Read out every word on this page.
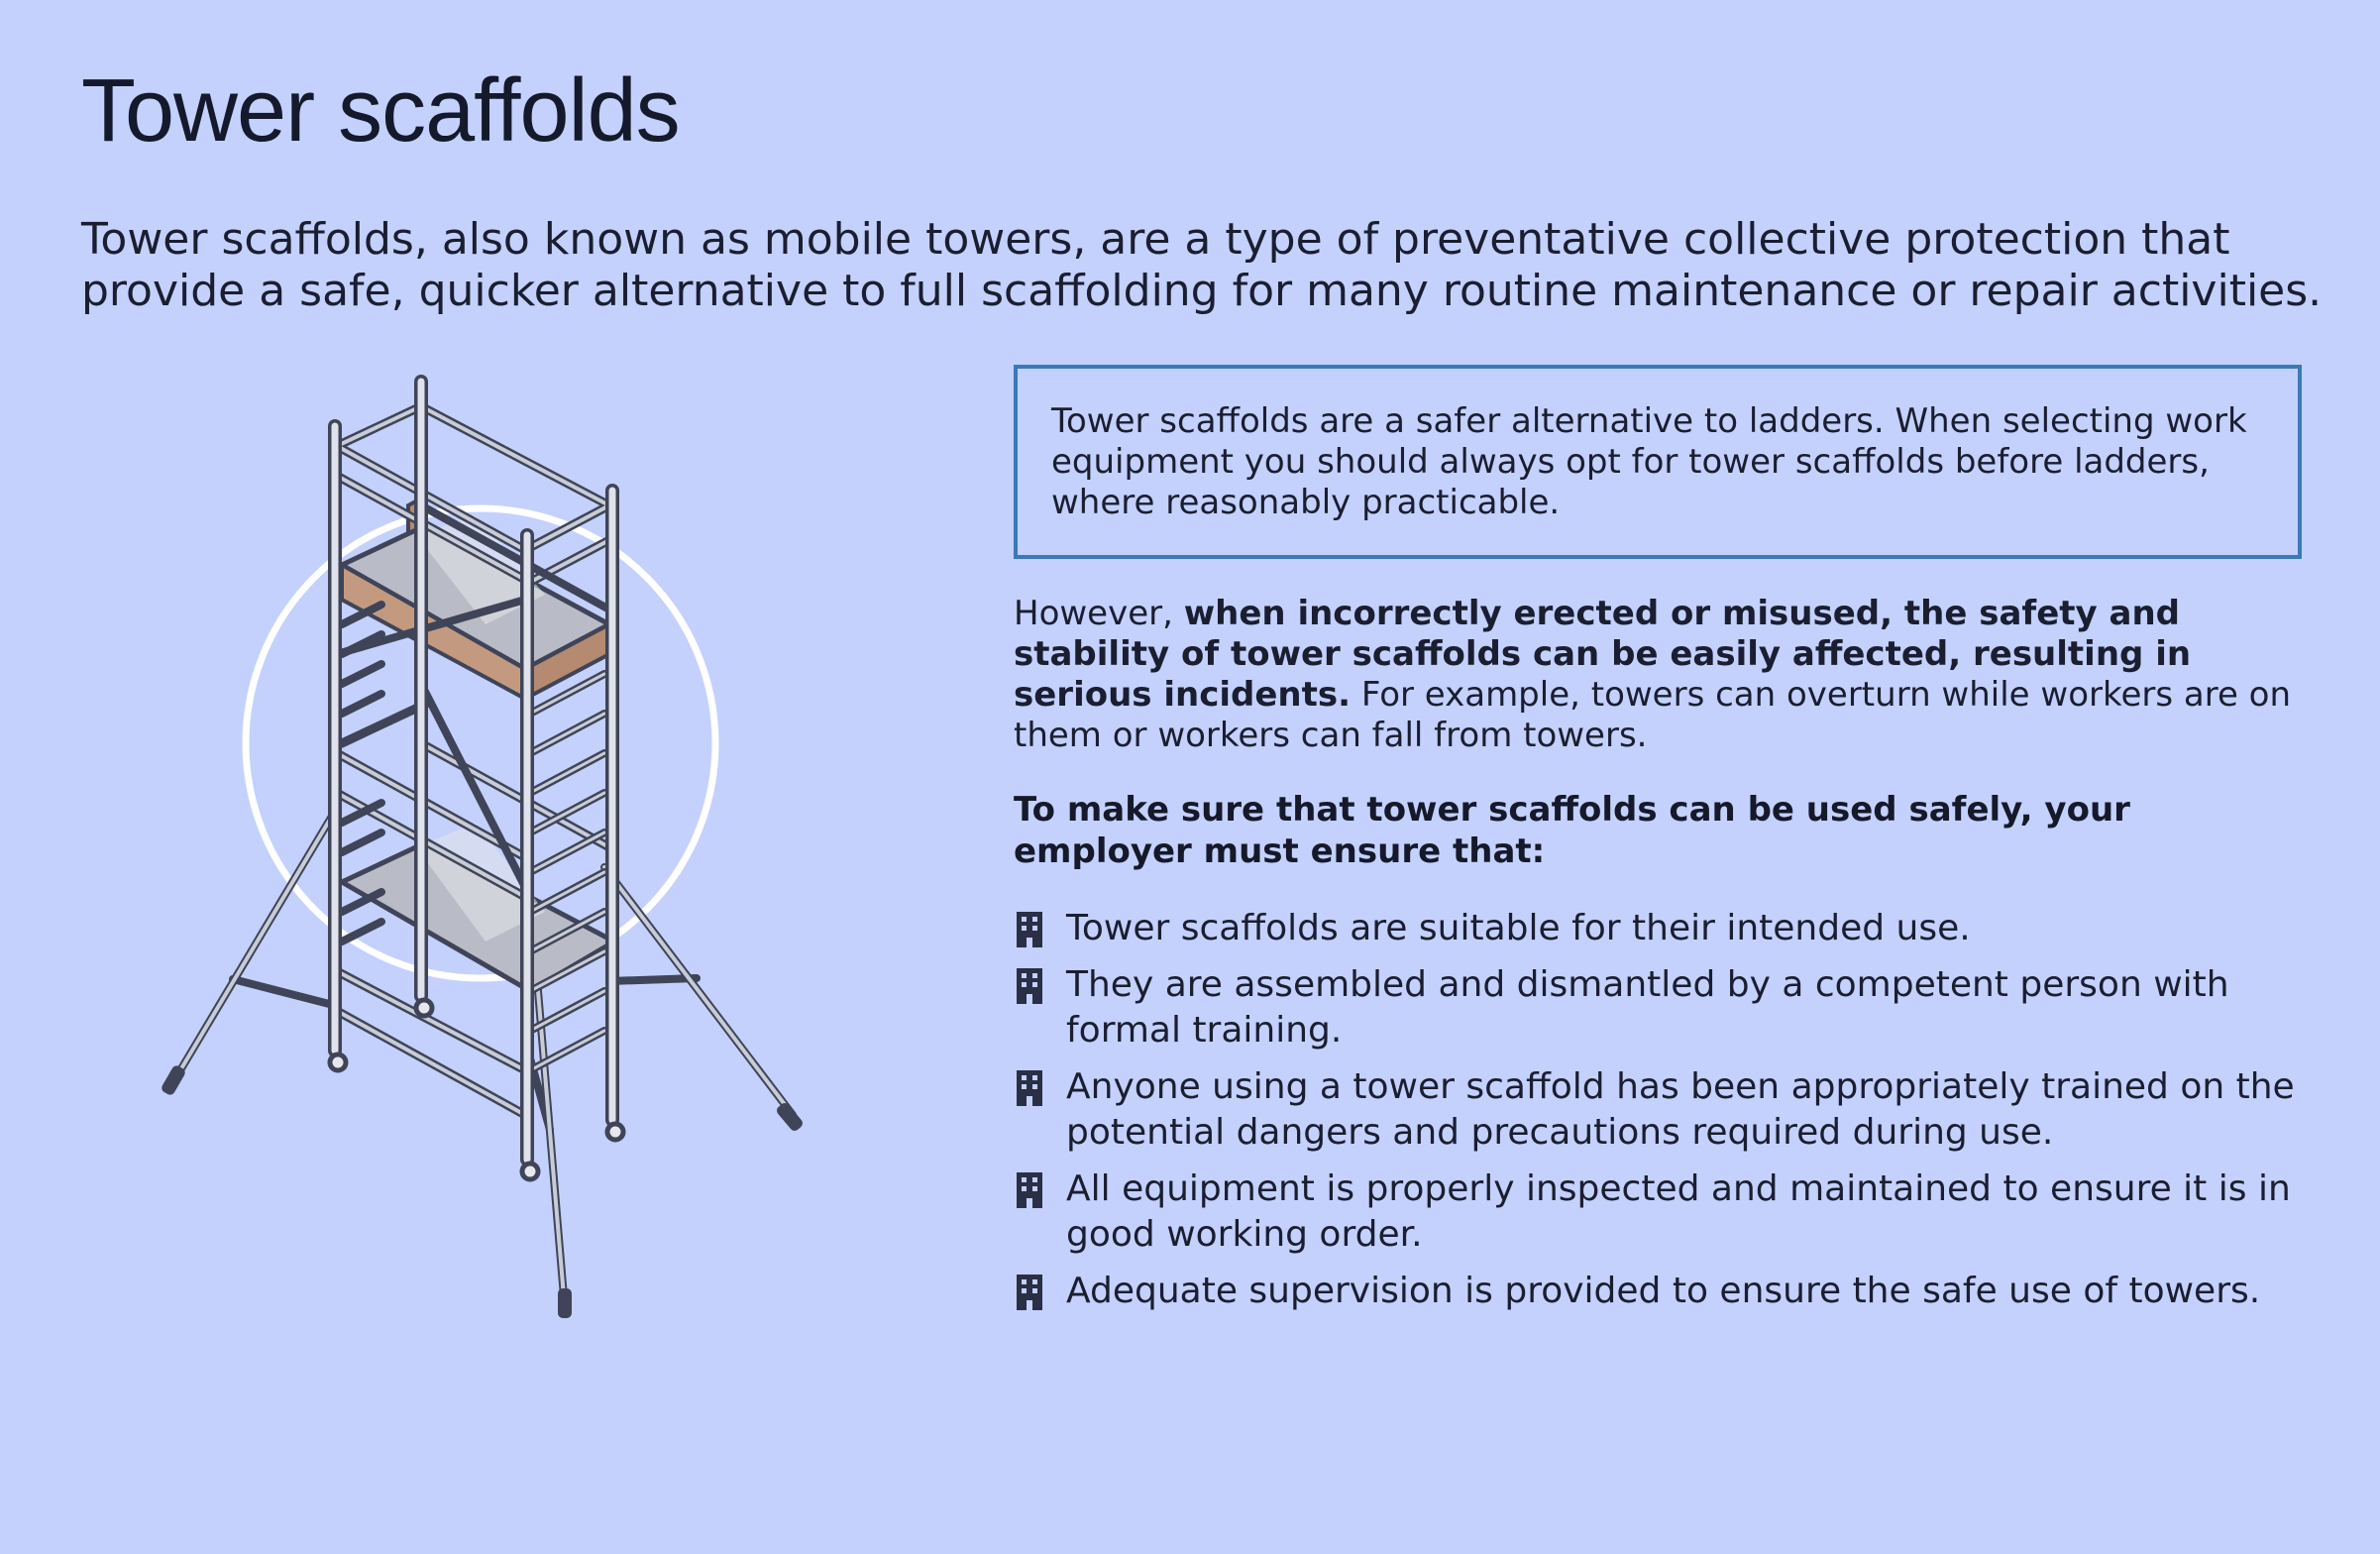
Tower scaffolds

Tower scaffolds, also known as mobile towers, are a type of preventative collective protection that provide a safe, quicker alternative to full scaffolding for many routine maintenance or repair activities.

Tower scaffolds are a safer alternative to ladders. When selecting work equipment you should always opt for tower scaffolds before ladders, where reasonably practicable.

However, when incorrectly erected or misused, the safety and stability of tower scaffolds can be easily affected, resulting in serious incidents. For example, towers can overturn while workers are on them or workers can fall from towers.

To make sure that tower scaffolds can be used safely, your employer must ensure that:

Tower scaffolds are suitable for their intended use.
They are assembled and dismantled by a competent person with formal training.
Anyone using a tower scaffold has been appropriately trained on the potential dangers and precautions required during use.
All equipment is properly inspected and maintained to ensure it is in good working order.
Adequate supervision is provided to ensure the safe use of towers.
